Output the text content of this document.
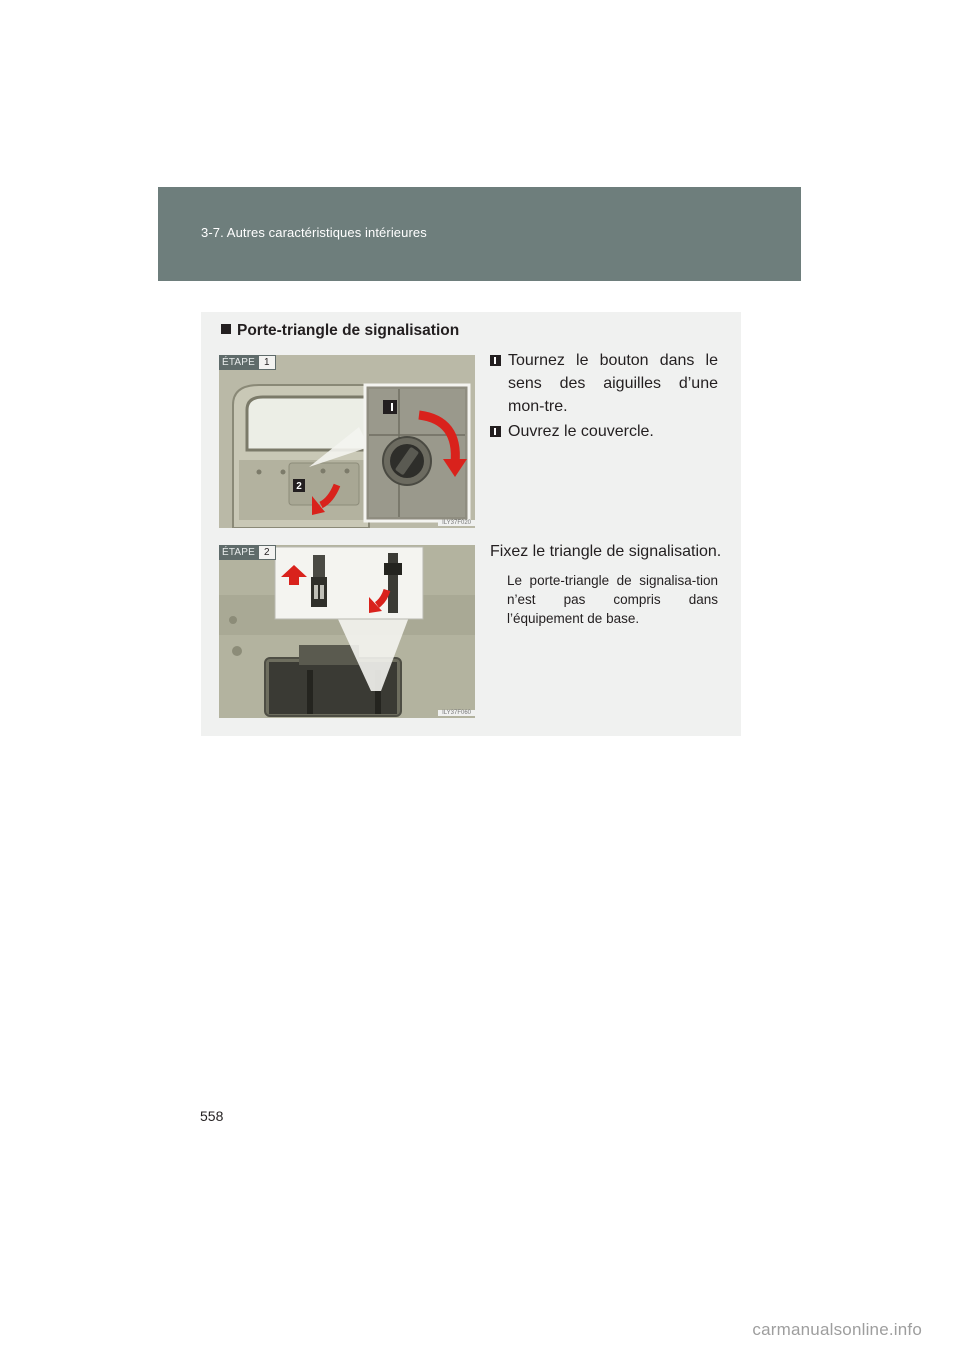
3-7. Autres caractéristiques intérieures
Porte-triangle de signalisation
ÉTAPE 1
2
ILY37F020
Tournez le bouton dans le sens des aiguilles d’une mon-tre.
Ouvrez le couvercle.
ÉTAPE 2
ILY37F060
Fixez le triangle de signalisation.
Le porte-triangle de signalisa-tion n’est pas compris dans l’équipement de base.
558
carmanualsonline.info
